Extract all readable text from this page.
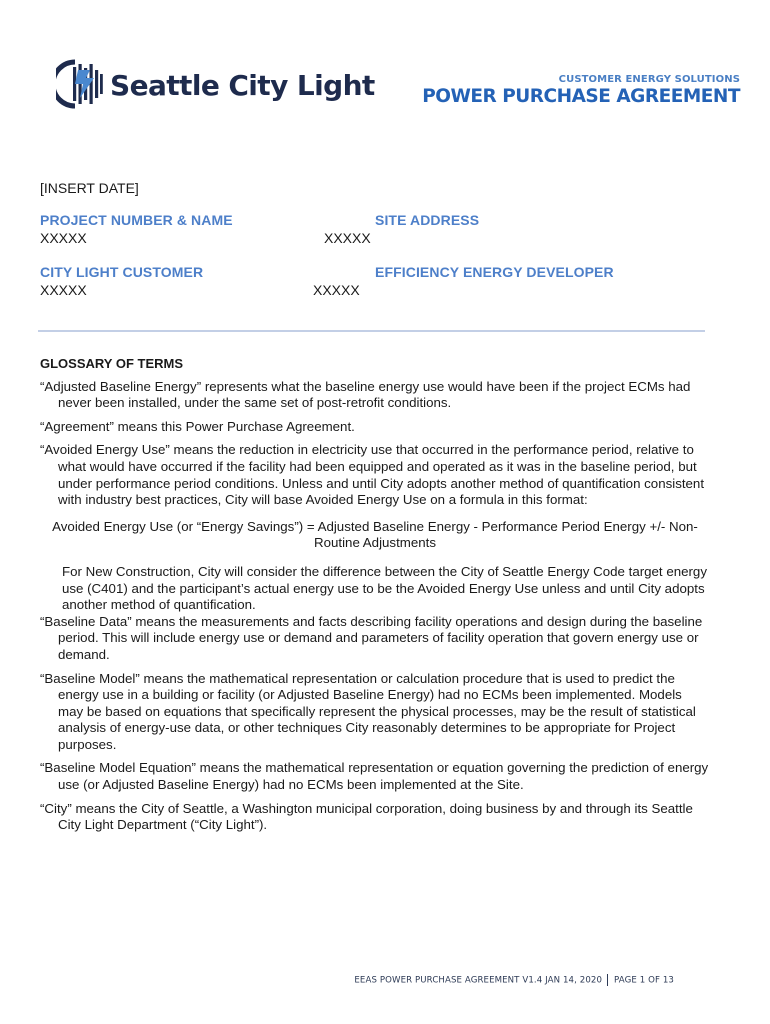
Seattle City Light	CUSTOMER ENERGY SOLUTIONS
POWER PURCHASE AGREEMENT
[INSERT DATE]
PROJECT NUMBER & NAME
XXXXX
SITE ADDRESS
XXXXX
CITY LIGHT CUSTOMER
XXXXX
EFFICIENCY ENERGY DEVELOPER
XXXXX
GLOSSARY OF TERMS

“Adjusted Baseline Energy” represents what the baseline energy use would have been if the project ECMs had never been installed, under the same set of post-retrofit conditions.

“Agreement” means this Power Purchase Agreement.

“Avoided Energy Use” means the reduction in electricity use that occurred in the performance period, relative to what would have occurred if the facility had been equipped and operated as it was in the baseline period, but under performance period conditions. Unless and until City adopts another method of quantification consistent with industry best practices, City will base Avoided Energy Use on a formula in this format:

Avoided Energy Use (or “Energy Savings”) = Adjusted Baseline Energy - Performance Period Energy +/- Non-Routine Adjustments

For New Construction, City will consider the difference between the City of Seattle Energy Code target energy use (C401) and the participant’s actual energy use to be the Avoided Energy Use unless and until City adopts another method of quantification.

“Baseline Data” means the measurements and facts describing facility operations and design during the baseline period. This will include energy use or demand and parameters of facility operation that govern energy use or demand.

“Baseline Model” means the mathematical representation or calculation procedure that is used to predict the energy use in a building or facility (or Adjusted Baseline Energy) had no ECMs been implemented. Models may be based on equations that specifically represent the physical processes, may be the result of statistical analysis of energy-use data, or other techniques City reasonably determines to be appropriate for Project purposes.

“Baseline Model Equation” means the mathematical representation or equation governing the prediction of energy use (or Adjusted Baseline Energy) had no ECMs been implemented at the Site.

“City” means the City of Seattle, a Washington municipal corporation, doing business by and through its Seattle City Light Department (“City Light”).

EEAS POWER PURCHASE AGREEMENT V1.4 JAN 14, 2020 PAGE 1 OF 13
